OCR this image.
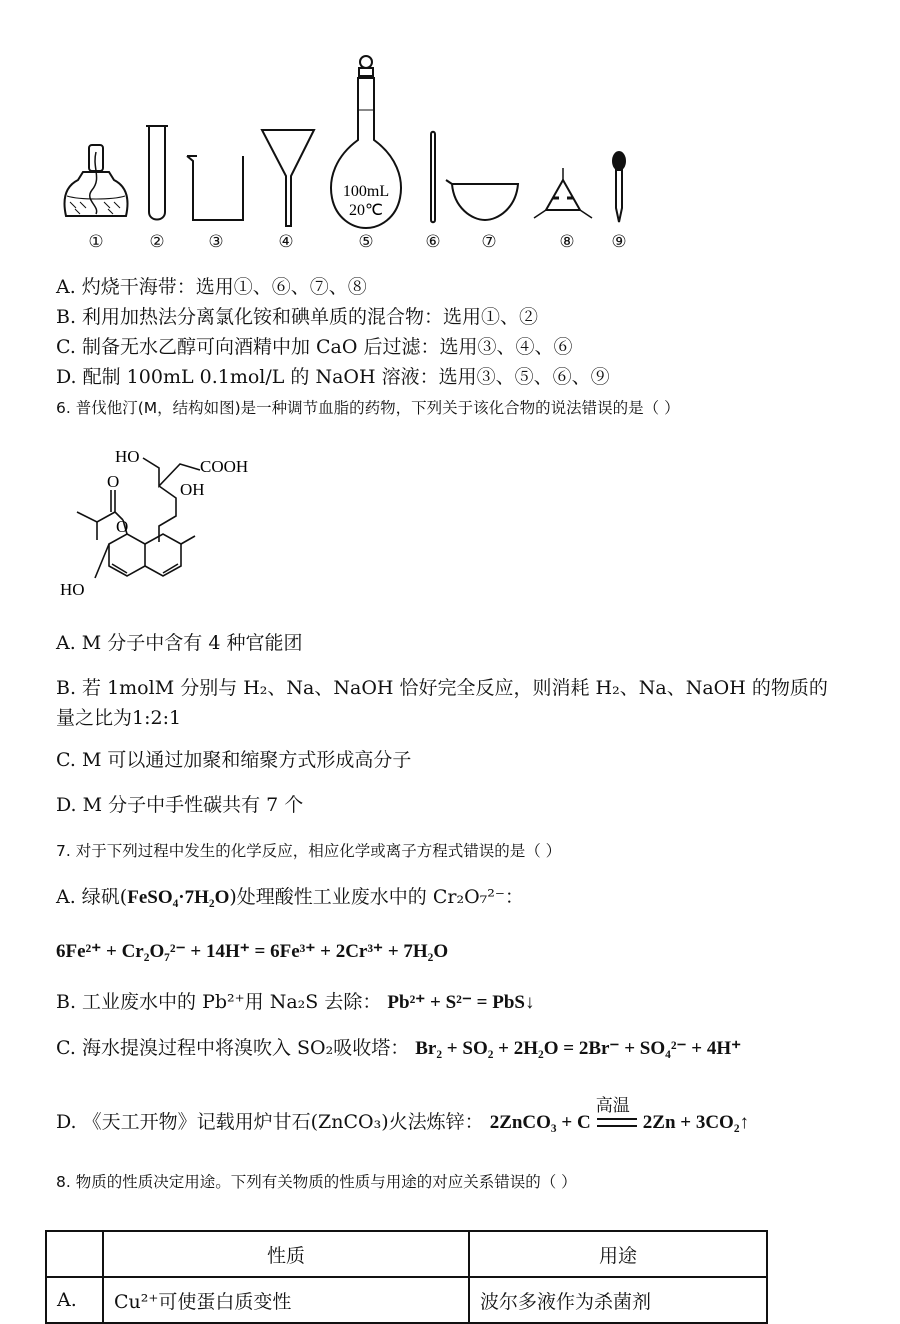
100mL
20℃
①	②	③	④	⑤	⑥	⑦	⑧	⑨
A. 灼烧干海带：选用①、⑥、⑦、⑧
B. 利用加热法分离氯化铵和碘单质的混合物：选用①、②
C. 制备无水乙醇可向酒精中加 CaO 后过滤：选用③、④、⑥
D. 配制 100mL 0.1mol/L 的 NaOH 溶液：选用③、⑤、⑥、⑨
6. 普伐他汀(M，结构如图)是一种调节血脂的药物，下列关于该化合物的说法错误的是（ ）
HO
COOH
OH
O
O
HO
A. M 分子中含有 4 种官能团
B. 若 1molM 分别与 H₂、Na、NaOH 恰好完全反应，则消耗 H₂、Na、NaOH 的物质的
量之比为1:2:1
C. M 可以通过加聚和缩聚方式形成高分子
D. M 分子中手性碳共有 7 个
7. 对于下列过程中发生的化学反应，相应化学或离子方程式错误的是（ ）
A. 绿矾(FeSO₄·7H₂O)处理酸性工业废水中的 Cr₂O₇²⁻：
6Fe²⁺ + Cr₂O₇²⁻ + 14H⁺ = 6Fe³⁺ + 2Cr³⁺ + 7H₂O
B. 工业废水中的 Pb²⁺用 Na₂S 去除： Pb²⁺ + S²⁻ = PbS↓
C. 海水提溴过程中将溴吹入 SO₂吸收塔： Br₂ + SO₂ + 2H₂O = 2Br⁻ + SO₄²⁻ + 4H⁺
D. 《天工开物》记载用炉甘石(ZnCO₃)火法炼锌： 2ZnCO₃ + C
高温
2Zn + 3CO₂↑
8. 物质的性质决定用途。下列有关物质的性质与用途的对应关系错误的（ ）
	性质	用途
A.	Cu²⁺可使蛋白质变性	波尔多液作为杀菌剂
